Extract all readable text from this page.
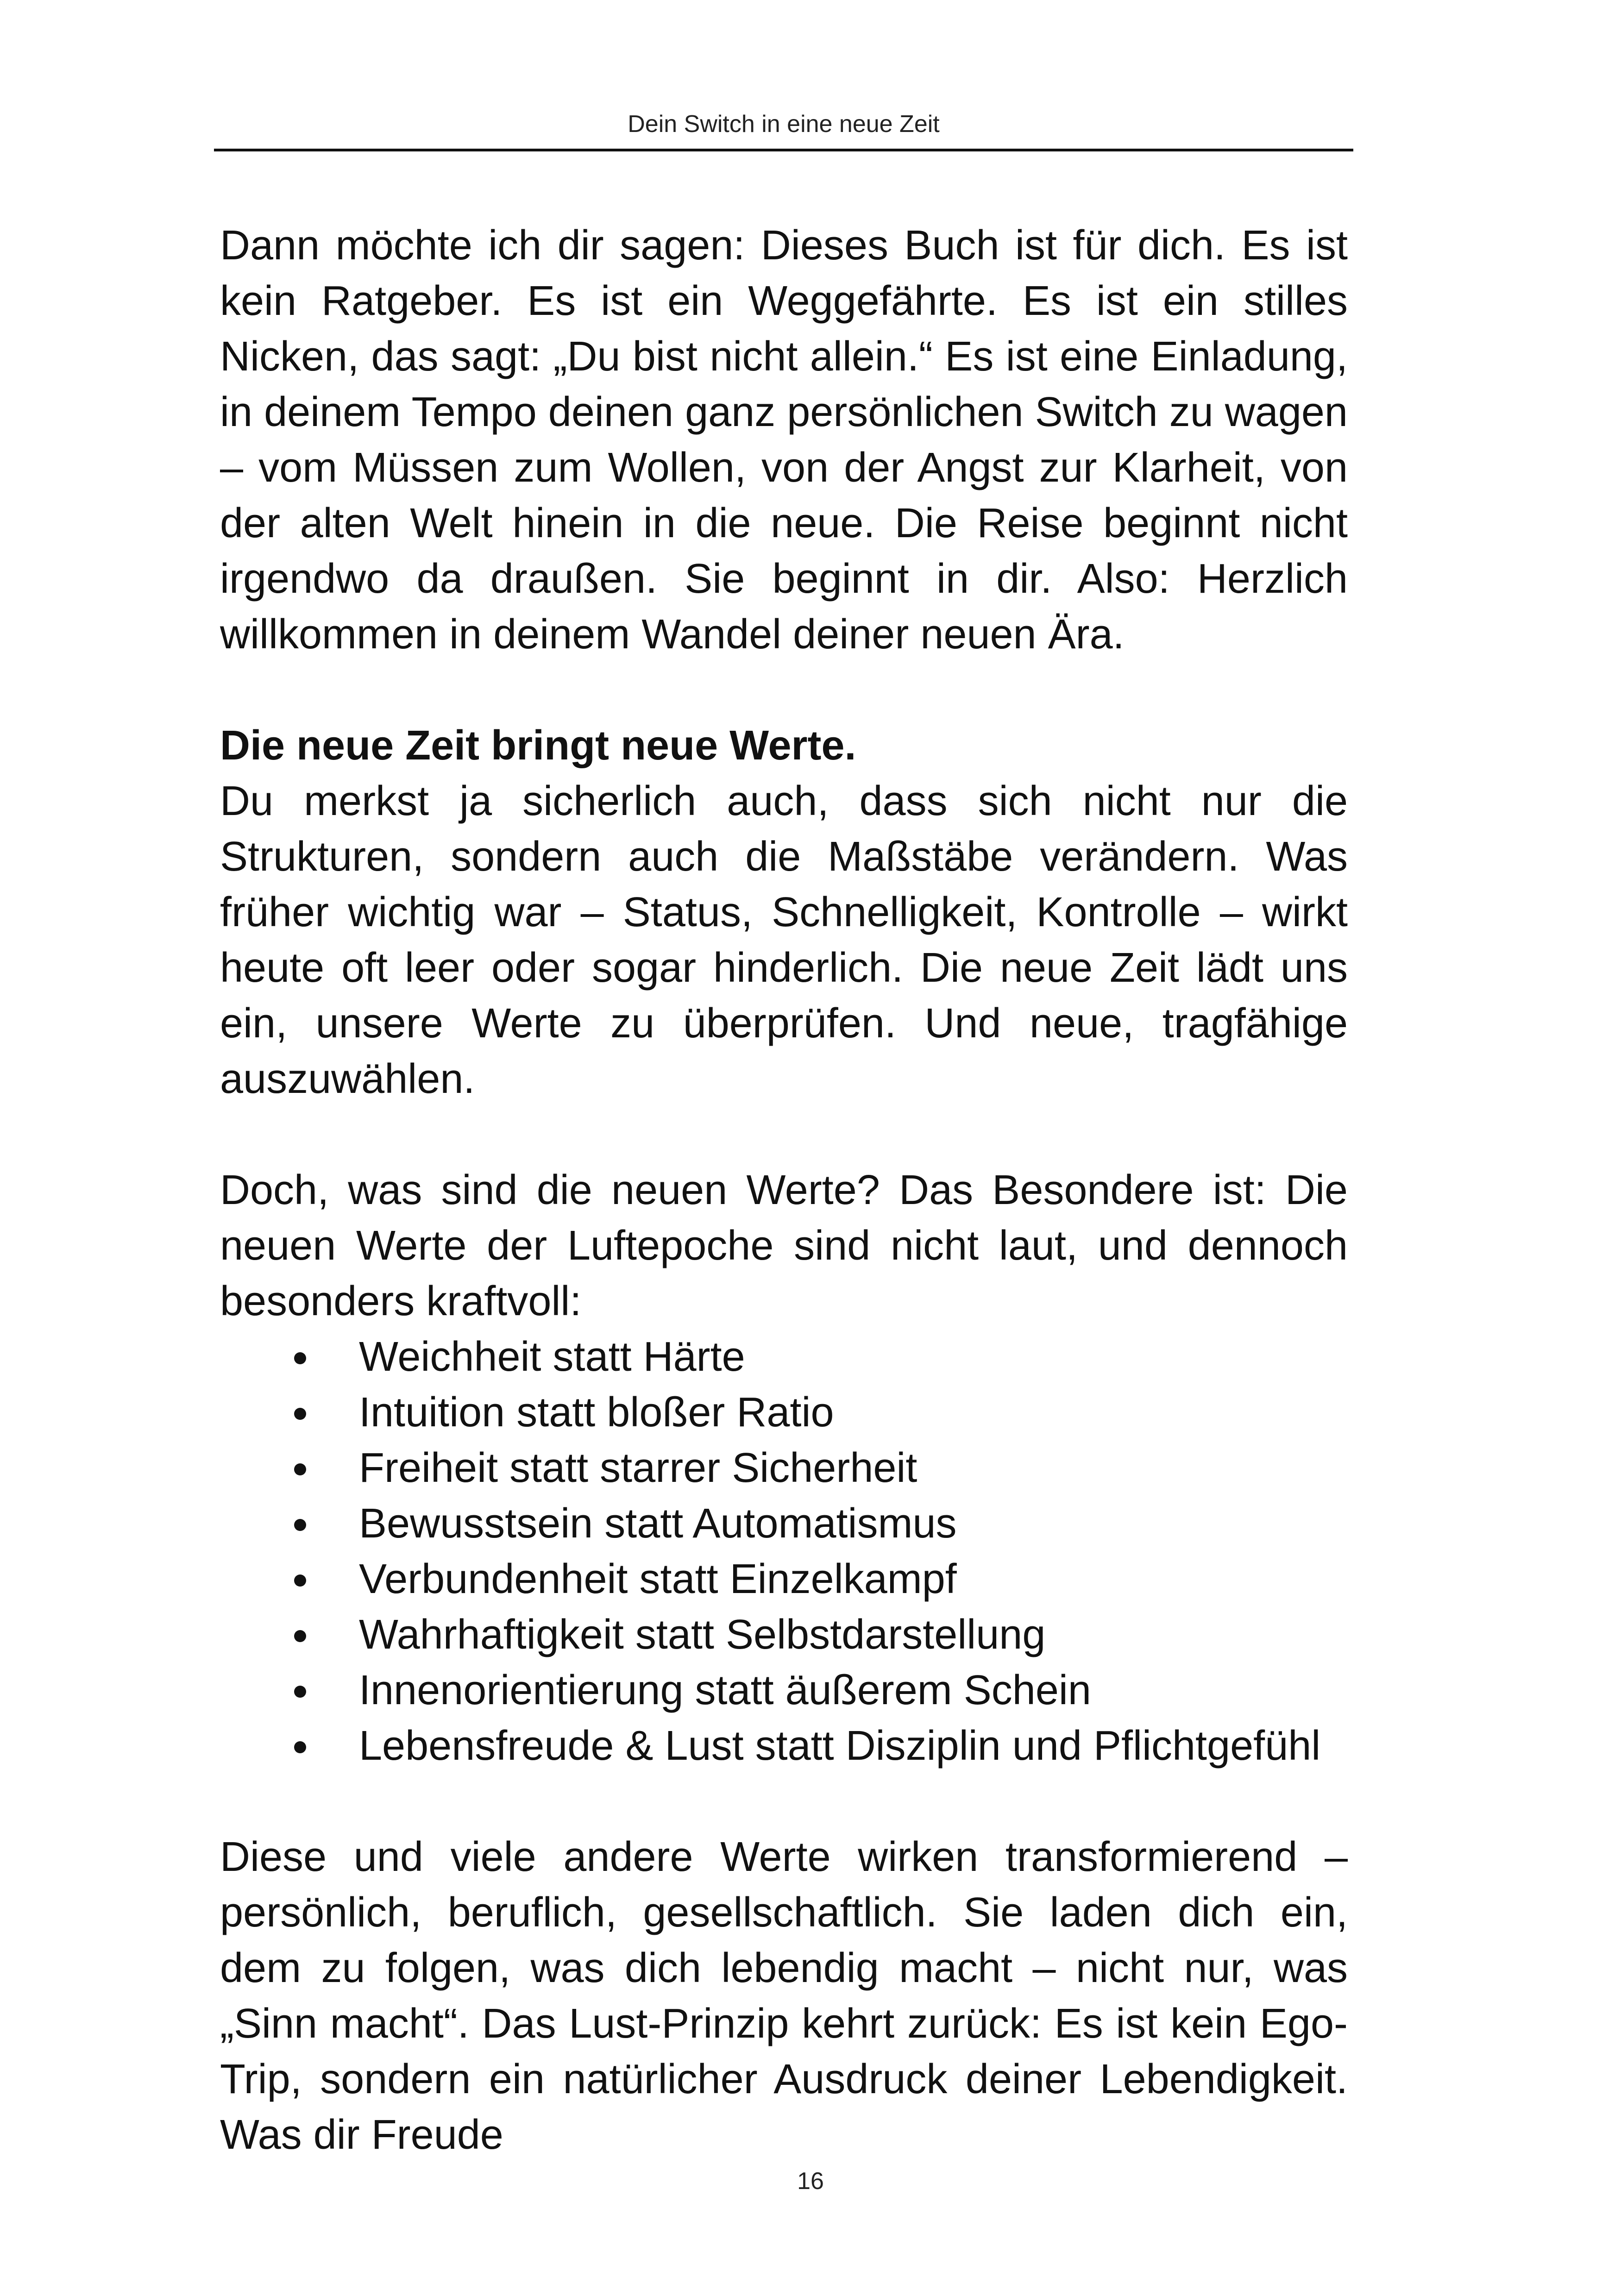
Dein Switch in eine neue Zeit

Dann möchte ich dir sagen: Dieses Buch ist für dich. Es ist kein Ratgeber. Es ist ein Weggefährte. Es ist ein stilles Nicken, das sagt: „Du bist nicht allein.“ Es ist eine Einladung, in deinem Tempo deinen ganz persönlichen Switch zu wagen – vom Müssen zum Wollen, von der Angst zur Klarheit, von der alten Welt hinein in die neue. Die Reise beginnt nicht irgendwo da draußen. Sie beginnt in dir. Also: Herzlich willkommen in deinem Wandel deiner neuen Ära.

Die neue Zeit bringt neue Werte.

Du merkst ja sicherlich auch, dass sich nicht nur die Strukturen, sondern auch die Maßstäbe verändern. Was früher wichtig war – Status, Schnelligkeit, Kontrolle – wirkt heute oft leer oder sogar hinderlich. Die neue Zeit lädt uns ein, unsere Werte zu überprüfen. Und neue, tragfähige auszuwählen.

Doch, was sind die neuen Werte? Das Besondere ist: Die neuen Werte der Luftepoche sind nicht laut, und dennoch besonders kraftvoll:

Weichheit statt Härte
Intuition statt bloßer Ratio
Freiheit statt starrer Sicherheit
Bewusstsein statt Automatismus
Verbundenheit statt Einzelkampf
Wahrhaftigkeit statt Selbstdarstellung
Innenorientierung statt äußerem Schein
Lebensfreude & Lust statt Disziplin und Pflichtgefühl

Diese und viele andere Werte wirken transformierend – persönlich, beruflich, gesellschaftlich. Sie laden dich ein, dem zu folgen, was dich lebendig macht – nicht nur, was „Sinn macht“. Das Lust-Prinzip kehrt zurück: Es ist kein Ego-Trip, sondern ein natürlicher Ausdruck deiner Lebendigkeit. Was dir Freude

16
